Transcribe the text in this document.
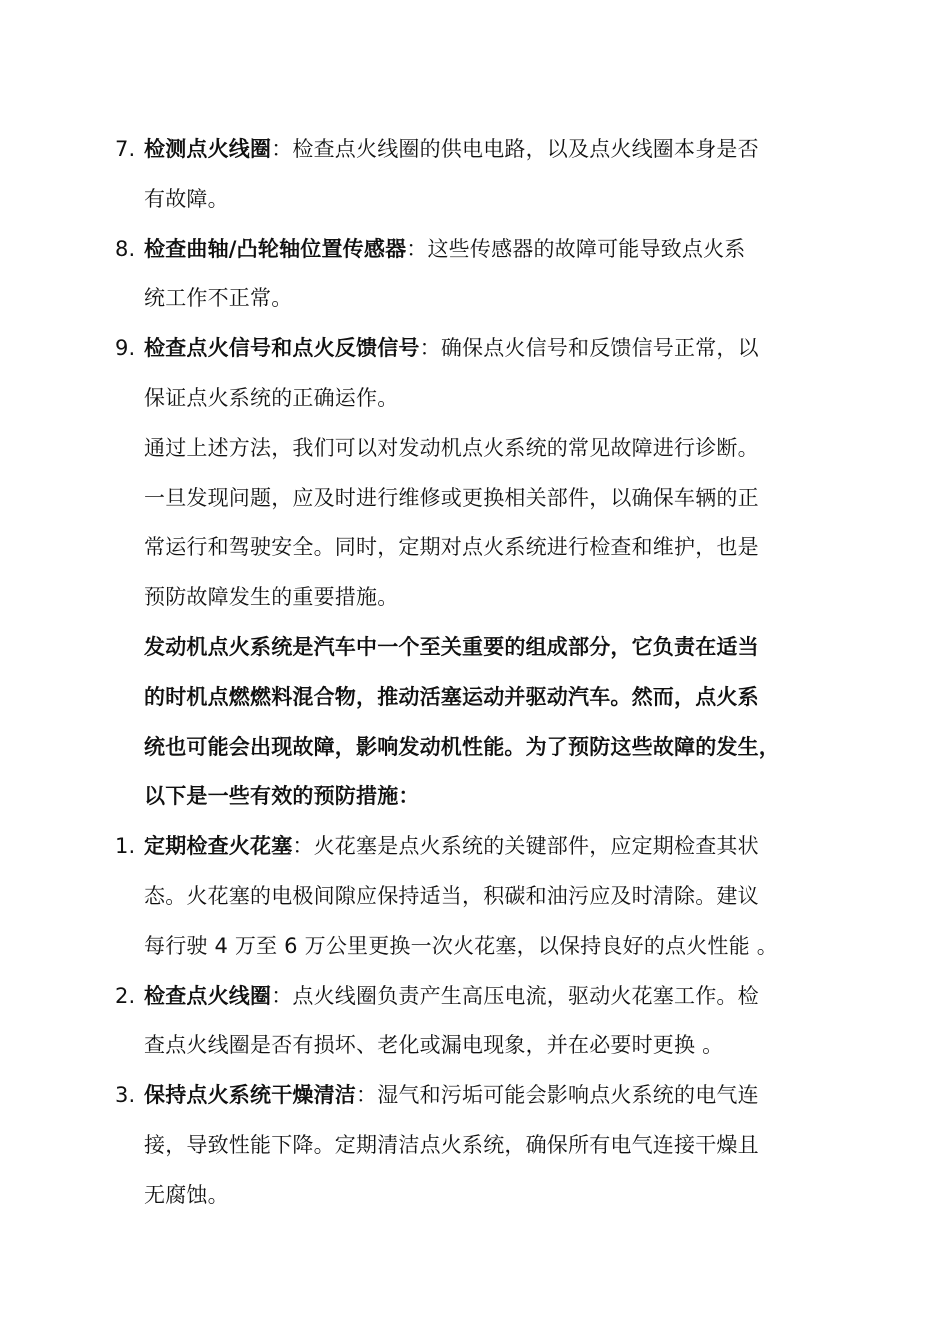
7. 检测点火线圈：检查点火线圈的供电电路，以及点火线圈本身是否
有故障。
8. 检查曲轴/凸轮轴位置传感器：这些传感器的故障可能导致点火系
统工作不正常。
9. 检查点火信号和点火反馈信号：确保点火信号和反馈信号正常，以
保证点火系统的正确运作。
通过上述方法，我们可以对发动机点火系统的常见故障进行诊断。
一旦发现问题，应及时进行维修或更换相关部件，以确保车辆的正
常运行和驾驶安全。同时，定期对点火系统进行检查和维护，也是
预防故障发生的重要措施。
发动机点火系统是汽车中一个至关重要的组成部分，它负责在适当
的时机点燃燃料混合物，推动活塞运动并驱动汽车。然而，点火系
统也可能会出现故障，影响发动机性能。为了预防这些故障的发生，
以下是一些有效的预防措施：
1. 定期检查火花塞：火花塞是点火系统的关键部件，应定期检查其状
态。火花塞的电极间隙应保持适当，积碳和油污应及时清除。建议
每行驶 4 万至 6 万公里更换一次火花塞，以保持良好的点火性能 。
2. 检查点火线圈：点火线圈负责产生高压电流，驱动火花塞工作。检
查点火线圈是否有损坏、老化或漏电现象，并在必要时更换 。
3. 保持点火系统干燥清洁：湿气和污垢可能会影响点火系统的电气连
接，导致性能下降。定期清洁点火系统，确保所有电气连接干燥且
无腐蚀。
